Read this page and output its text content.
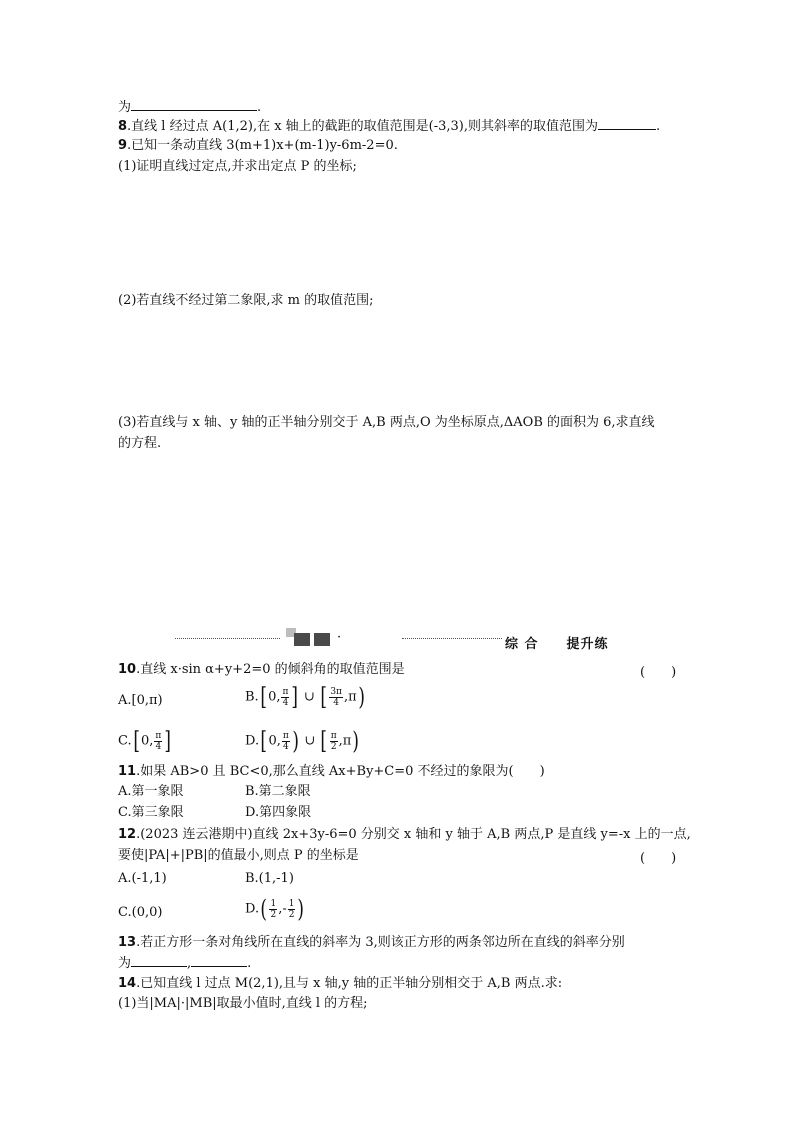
为	.
8.直线 l 经过点 A(1,2),在 x 轴上的截距的取值范围是(-3,3),则其斜率的取值范围为	.
9.已知一条动直线 3(m+1)x+(m-1)y-6m-2=0.
(1)证明直线过定点,并求出定点 P 的坐标;
(2)若直线不经过第二象限,求 m 的取值范围;
(3)若直线与 x 轴、y 轴的正半轴分别交于 A,B 两点,O 为坐标原点,ΔAOB 的面积为 6,求直线
的方程.
·	综 合　　提升练
10.直线 x·sin α+y+2=0 的倾斜角的取值范围是	(　　)
A.[0,π)	B.[0, $\frac{\pi}{4}$ ] ∪ [ $\frac{3\pi}{4} ,\pi$)
C.[0, $\frac{\pi}{4}$ ]	D.[0, $\frac{\pi}{4}$ ) ∪ [ $\frac{\pi}{2} ,\pi$)
11.如果 AB>0 且 BC<0,那么直线 Ax+By+C=0 不经过的象限为(　　)
A.第一象限	B.第二象限
C.第三象限	D.第四象限
12.(2023 连云港期中)直线 2x+3y-6=0 分别交 x 轴和 y 轴于 A,B 两点,P 是直线 y=-x 上的一点,
要使|PA|+|PB|的值最小,则点 P 的坐标是	(　　)
A.(-1,1)	B.(1,-1)
C.(0,0)	$D.( \frac{1}{2}$ ,- $\frac{1}{2}$ )
13.若正方形一条对角线所在直线的斜率为 3,则该正方形的两条邻边所在直线的斜率分别
为	,	.
14.已知直线 l 过点 M(2,1),且与 x 轴,y 轴的正半轴分别相交于 A,B 两点.求:
(1)当|MA|·|MB|取最小值时,直线 l 的方程;
